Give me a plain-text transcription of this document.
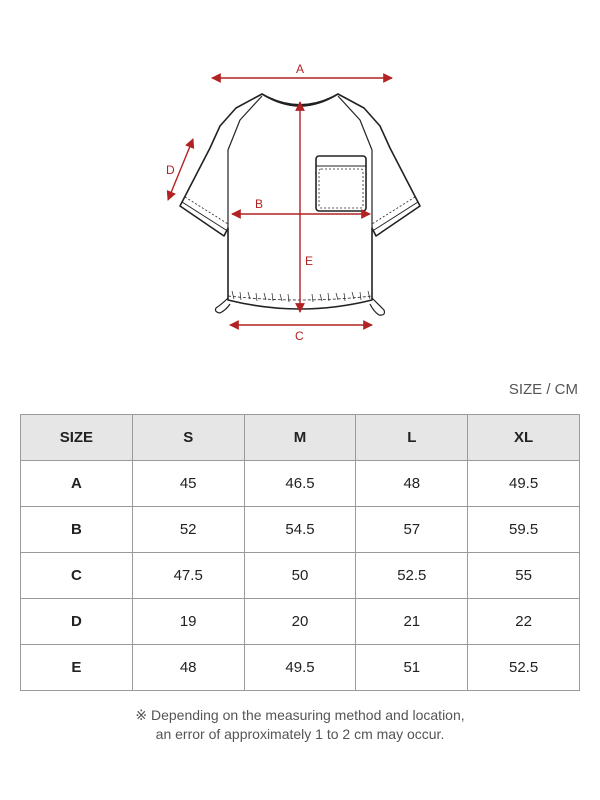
A
B
C
D
E
SIZE / CM
SIZE	S	M	L	XL
A	45	46.5	48	49.5
B	52	54.5	57	59.5
C	47.5	50	52.5	55
D	19	20	21	22
E	48	49.5	51	52.5
※ Depending on the measuring method and location,
an error of approximately 1 to 2 cm may occur.
